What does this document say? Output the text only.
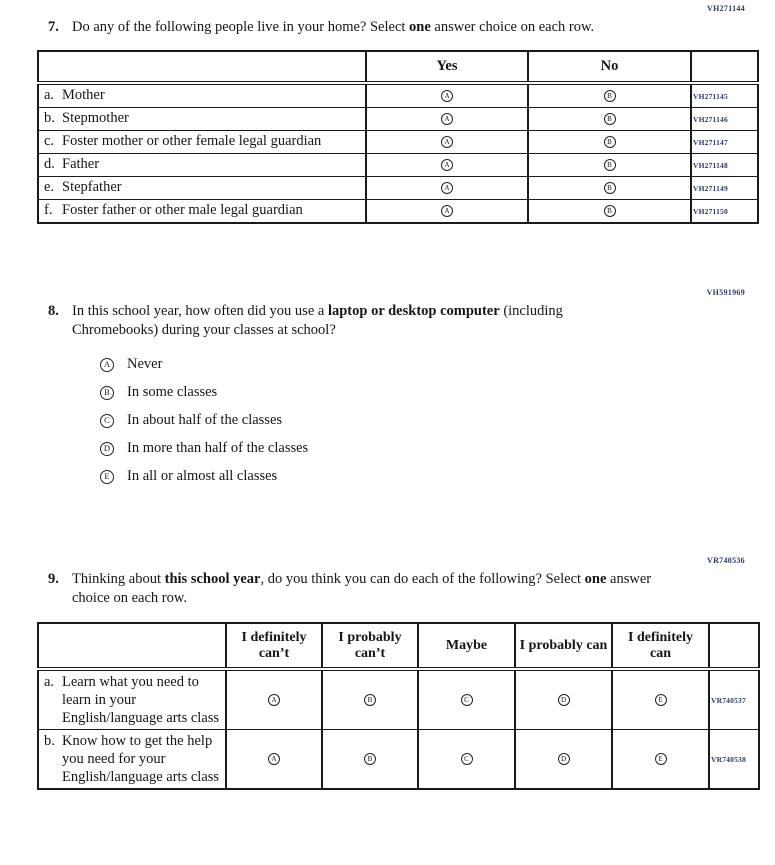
VH271144
7. Do any of the following people live in your home? Select one answer choice on each row.

	Yes	No	

a. Mother	A	B	VH271145

b. Stepmother	A	B	VH271146

c. Foster mother or other female legal guardian	A	B	VH271147

d. Father	A	B	VH271148

e. Stepfather	A	B	VH271149

f. Foster father or other male legal guardian	A	B	VH271150
VH591969
8. In this school year, how often did you use a laptop or desktop computer (including Chromebooks) during your classes at school?

A Never
B In some classes
C In about half of the classes
D In more than half of the classes
E In all or almost all classes
VR740536
9. Thinking about this school year, do you think you can do each of the following? Select one answer choice on each row.

	I definitely can’t	I probably can’t	Maybe	I probably can	I definitely can	

a. Learn what you need to learn in your English/language arts class	A	B	C	D	E	VR740537

b. Know how to get the help you need for your English/language arts class	A	B	C	D	E	VR740538
